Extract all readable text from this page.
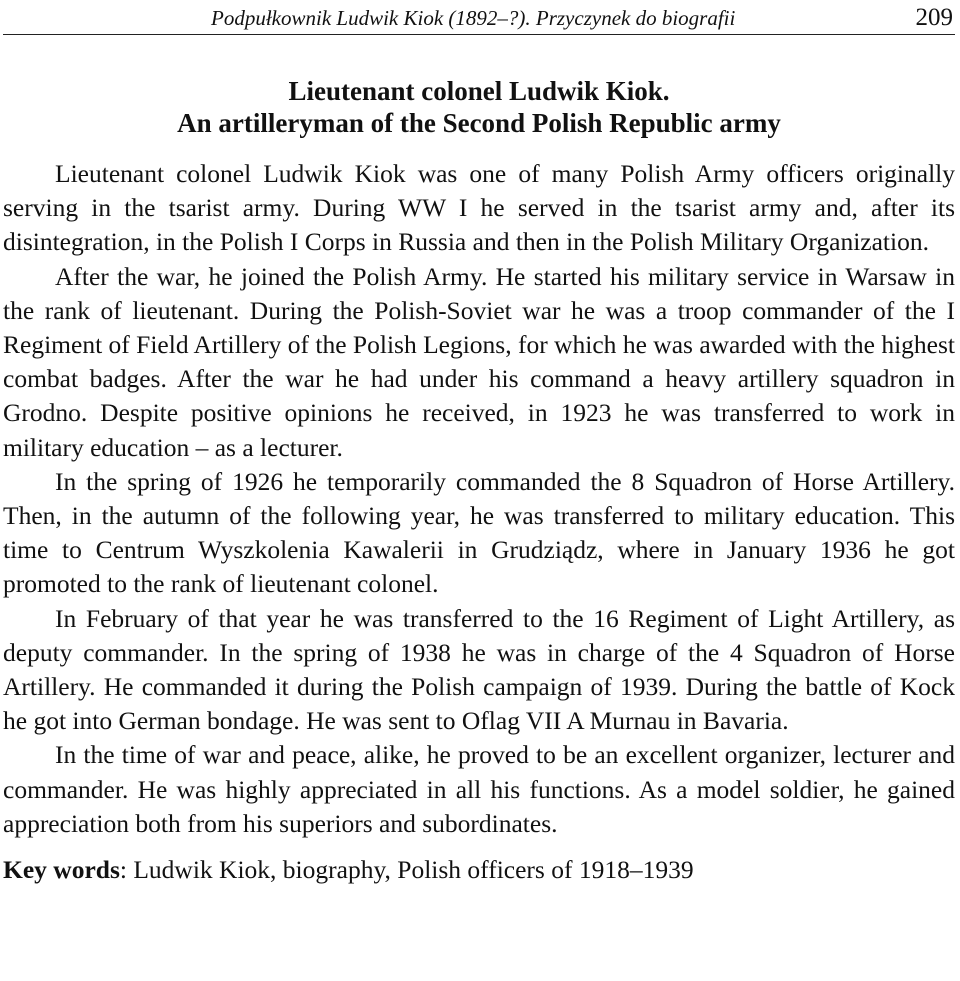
Podpułkownik Ludwik Kiok (1892–?). Przyczynek do biografii	209
Lieutenant colonel Ludwik Kiok.
An artilleryman of the Second Polish Republic army

Lieutenant colonel Ludwik Kiok was one of many Polish Army officers originally serving in the tsarist army. During WW I he served in the tsarist army and, after its disintegration, in the Polish I Corps in Russia and then in the Polish Military Organization.

After the war, he joined the Polish Army. He started his military service in Warsaw in the rank of lieutenant. During the Polish-Soviet war he was a troop commander of the I Regiment of Field Artillery of the Polish Legions, for which he was awarded with the highest combat badges. After the war he had under his command a heavy artillery squadron in Grodno. Despite positive opinions he received, in 1923 he was transferred to work in military education – as a lecturer.

In the spring of 1926 he temporarily commanded the 8 Squadron of Horse Artillery. Then, in the autumn of the following year, he was transferred to military education. This time to Centrum Wyszkolenia Kawalerii in Grudziądz, where in January 1936 he got promoted to the rank of lieutenant colonel.

In February of that year he was transferred to the 16 Regiment of Light Artillery, as deputy commander. In the spring of 1938 he was in charge of the 4 Squadron of Horse Artillery. He commanded it during the Polish campaign of 1939. During the battle of Kock he got into German bondage. He was sent to Oflag VII A Murnau in Bavaria.

In the time of war and peace, alike, he proved to be an excellent organizer, lecturer and commander. He was highly appreciated in all his functions. As a model soldier, he gained appreciation both from his superiors and subordinates.

Key words: Ludwik Kiok, biography, Polish officers of 1918–1939
